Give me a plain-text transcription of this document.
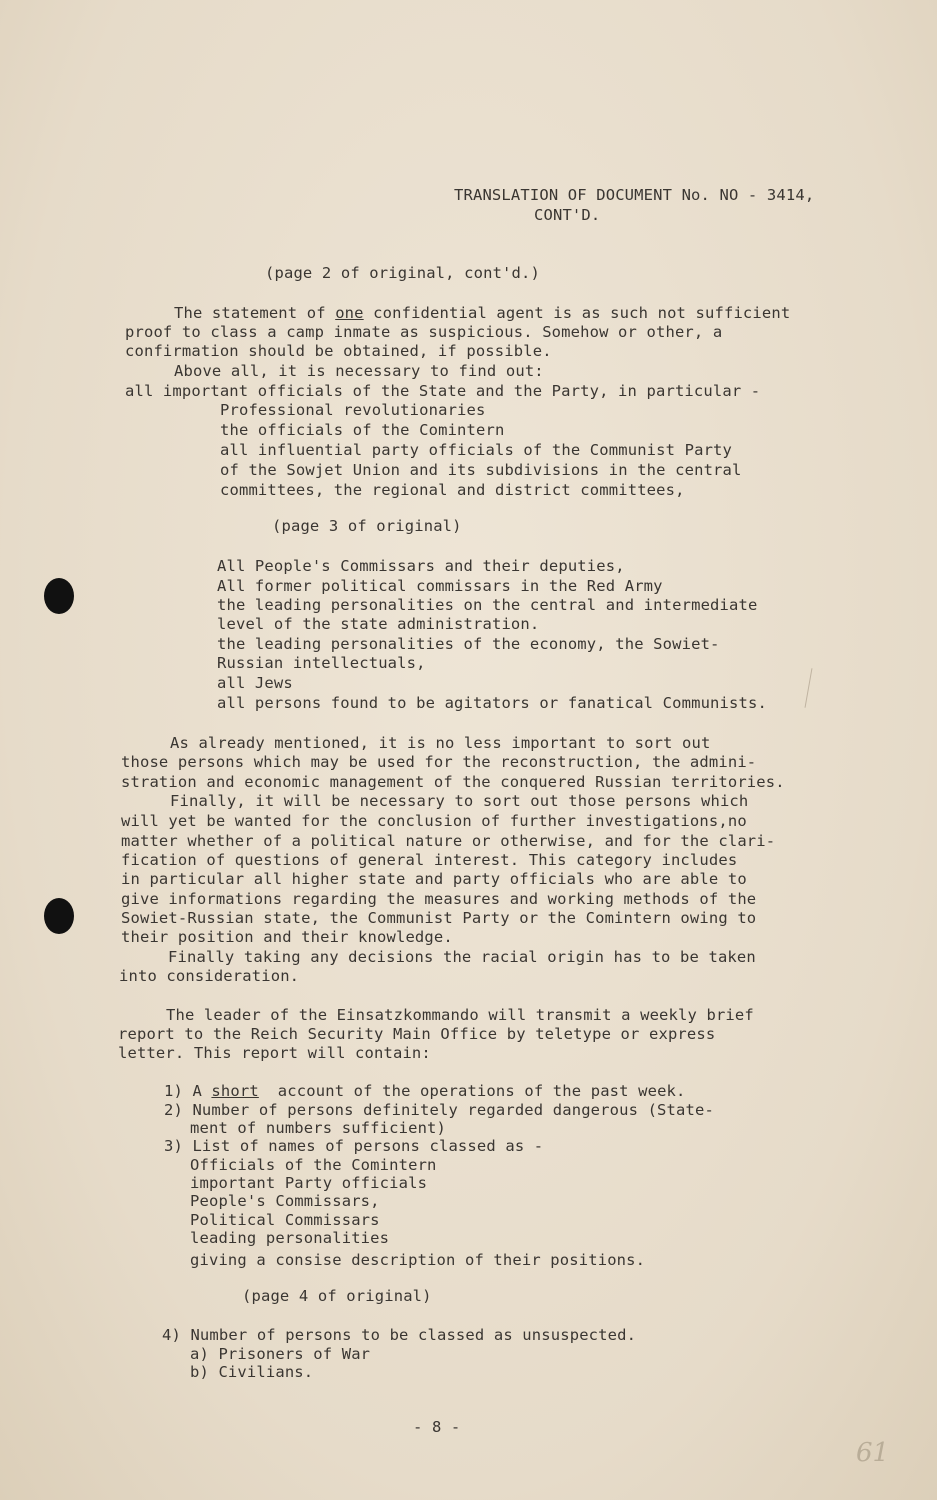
TRANSLATION OF DOCUMENT No. NO - 3414,
CONT'D.
(page 2 of original, cont'd.)
The statement of one confidential agent is as such not sufficient
proof to class a camp inmate as suspicious. Somehow or other, a
confirmation should be obtained, if possible.
Above all, it is necessary to find out:
all important officials of the State and the Party, in particular -
Professional revolutionaries
the officials of the Comintern
all influential party officials of the Communist Party
of the Sowjet Union and its subdivisions in the central
committees, the regional and district committees,
(page 3 of original)
All People's Commissars and their deputies,
All former political commissars in the Red Army
the leading personalities on the central and intermediate
level of the state administration.
the leading personalities of the economy, the Sowiet-
Russian intellectuals,
all Jews
all persons found to be agitators or fanatical Communists.
As already mentioned, it is no less important to sort out
those persons which may be used for the reconstruction, the admini-
stration and economic management of the conquered Russian territories.
Finally, it will be necessary to sort out those persons which
will yet be wanted for the conclusion of further investigations,no
matter whether of a political nature or otherwise, and for the clari-
fication of questions of general interest. This category includes
in particular all higher state and party officials who are able to
give informations regarding the measures and working methods of the
Sowiet-Russian state, the Communist Party or the Comintern owing to
their position and their knowledge.
Finally taking any decisions the racial origin has to be taken
into consideration.
The leader of the Einsatzkommando will transmit a weekly brief
report to the Reich Security Main Office by teletype or express
letter. This report will contain:
1) A short  account of the operations of the past week.
2) Number of persons definitely regarded dangerous (State-
ment of numbers sufficient)
3) List of names of persons classed as -
Officials of the Comintern
important Party officials
People's Commissars,
Political Commissars
leading personalities
giving a consise description of their positions.
(page 4 of original)
4) Number of persons to be classed as unsuspected.
a) Prisoners of War
b) Civilians.
- 8 -
61
